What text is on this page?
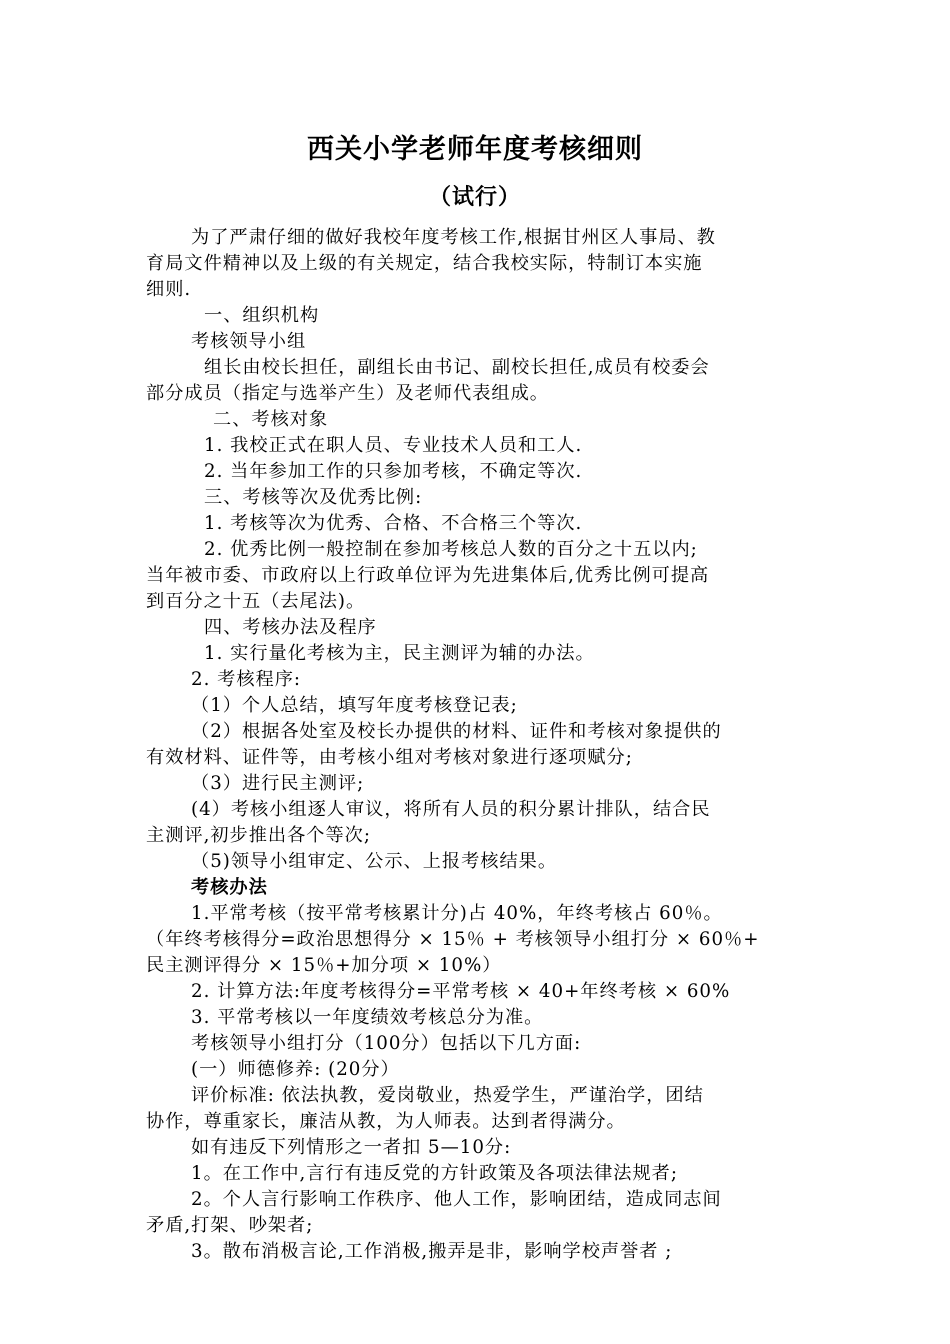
西关小学老师年度考核细则
（试行）
为了严肃仔细的做好我校年度考核工作,根据甘州区人事局、教
育局文件精神以及上级的有关规定，结合我校实际，特制订本实施
细则.
一、组织机构
考核领导小组
组长由校长担任，副组长由书记、副校长担任,成员有校委会
部分成员（指定与选举产生）及老师代表组成。
二、考核对象
1. 我校正式在职人员、专业技术人员和工人.
2. 当年参加工作的只参加考核，不确定等次.
三、考核等次及优秀比例:
1. 考核等次为优秀、合格、不合格三个等次.
2. 优秀比例一般控制在参加考核总人数的百分之十五以内;
当年被市委、市政府以上行政单位评为先进集体后,优秀比例可提高
到百分之十五（去尾法)。
四、考核办法及程序
1. 实行量化考核为主，民主测评为辅的办法。
2. 考核程序:
（1）个人总结，填写年度考核登记表;
（2）根据各处室及校长办提供的材料、证件和考核对象提供的
有效材料、证件等，由考核小组对考核对象进行逐项赋分;
（3）进行民主测评;
(4）考核小组逐人审议，将所有人员的积分累计排队，结合民
主测评,初步推出各个等次;
（5)领导小组审定、公示、上报考核结果。
考核办法
1.平常考核（按平常考核累计分)占 40%，年终考核占 60％。
（年终考核得分=政治思想得分 × 15％ + 考核领导小组打分 × 60％+
民主测评得分 × 15％+加分项 × 10%）
2. 计算方法:年度考核得分=平常考核 × 40+年终考核 × 60%
3. 平常考核以一年度绩效考核总分为准。
考核领导小组打分（100分）包括以下几方面:
(一）师德修养: (20分）
评价标准: 依法执教，爱岗敬业，热爱学生，严谨治学，团结
协作，尊重家长，廉洁从教，为人师表。达到者得满分。
如有违反下列情形之一者扣 5—10分:
1。在工作中,言行有违反党的方针政策及各项法律法规者;
2。个人言行影响工作秩序、他人工作，影响团结，造成同志间
矛盾,打架、吵架者;
3。散布消极言论,工作消极,搬弄是非，影响学校声誉者 ;
